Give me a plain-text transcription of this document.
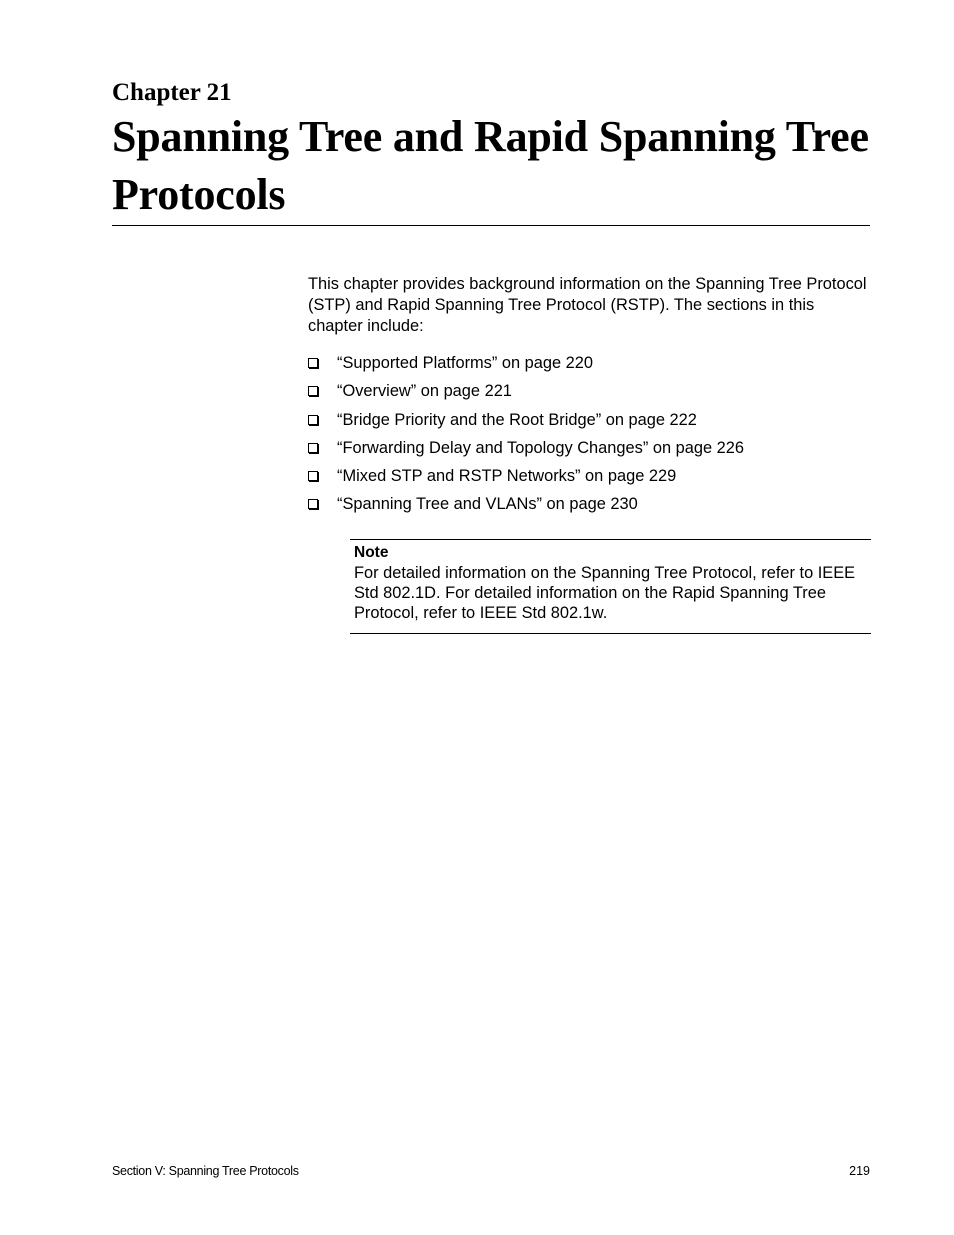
Chapter 21
Spanning Tree and Rapid Spanning Tree Protocols

This chapter provides background information on the Spanning Tree Protocol (STP) and Rapid Spanning Tree Protocol (RSTP). The sections in this chapter include:

“Supported Platforms” on page 220
“Overview” on page 221
“Bridge Priority and the Root Bridge” on page 222
“Forwarding Delay and Topology Changes” on page 226
“Mixed STP and RSTP Networks” on page 229
“Spanning Tree and VLANs” on page 230
Note

For detailed information on the Spanning Tree Protocol, refer to IEEE Std 802.1D. For detailed information on the Rapid Spanning Tree Protocol, refer to IEEE Std 802.1w.

Section V: Spanning Tree Protocols	219
